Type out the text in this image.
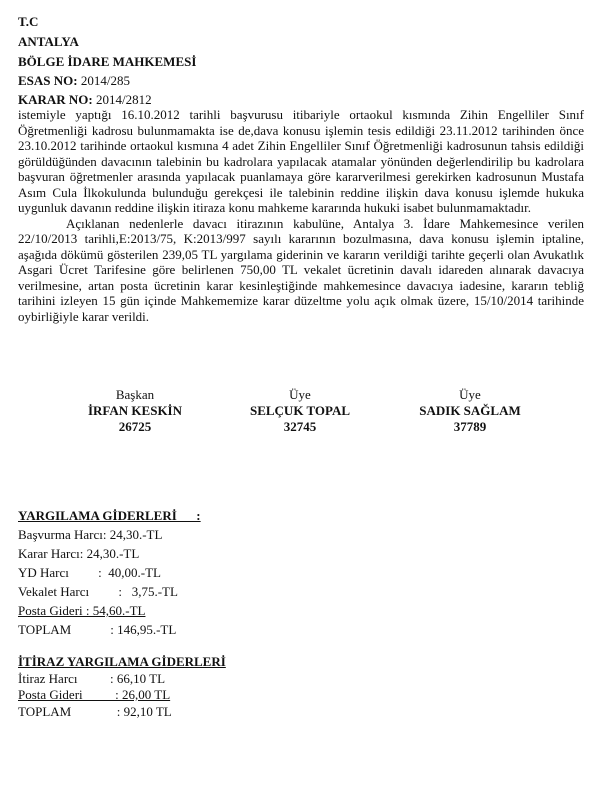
T.C
ANTALYA
BÖLGE İDARE MAHKEMESİ
ESAS NO: 2014/285
KARAR NO: 2014/2812

istemiyle yaptığı 16.10.2012 tarihli başvurusu itibariyle ortaokul kısmında Zihin Engelliler Sınıf Öğretmenliği kadrosu bulunmamakta ise de,dava konusu işlemin tesis edildiği 23.11.2012 tarihinden önce 23.10.2012 tarihinde ortaokul kısmına 4 adet Zihin Engelliler Sınıf Öğretmenliği kadrosunun tahsis edildiği görüldüğünden davacının talebinin bu kadrolara yapılacak atamalar yönünden değerlendirilip bu kadrolara başvuran öğretmenler arasında yapılacak puanlamaya göre kararverilmesi gerekirken kadrosunun Mustafa Asım Cula İlkokulunda bulunduğu gerekçesi ile talebinin reddine ilişkin dava konusu işlemde hukuka uygunluk davanın reddine ilişkin itiraza konu mahkeme kararında hukuki isabet bulunmamaktadır.

Açıklanan nedenlerle davacı itirazının kabulüne, Antalya 3. İdare Mahkemesince verilen 22/10/2013 tarihli,E:2013/75, K:2013/997 sayılı kararının bozulmasına, dava konusu işlemin iptaline, aşağıda dökümü gösterilen 239,05 TL yargılama giderinin ve kararın verildiği tarihte geçerli olan Avukatlık Asgari Ücret Tarifesine göre belirlenen 750,00 TL vekalet ücretinin davalı idareden alınarak davacıya verilmesine, artan posta ücretinin karar kesinleştiğinde mahkemesince davacıya iadesine, kararın tebliğ tarihini izleyen 15 gün içinde Mahkememize karar düzeltme yolu açık olmak üzere, 15/10/2014 tarihinde oybirliğiyle karar verildi.

Başkan
İRFAN KESKİN
26725
Üye
SELÇUK TOPAL
32745
Üye
SADIK SAĞLAM
37789
YARGILAMA GİDERLERİ      :
Başvurma Harcı: 24,30.-TL
Karar Harcı: 24,30.-TL
YD Harcı         :  40,00.-TL
Vekalet Harcı         :   3,75.-TL
Posta Gideri : 54,60.-TL
TOPLAM            : 146,95.-TL
İTİRAZ YARGILAMA GİDERLERİ
İtiraz Harcı          : 66,10 TL
Posta Gideri          : 26,00 TL
TOPLAM              : 92,10 TL
